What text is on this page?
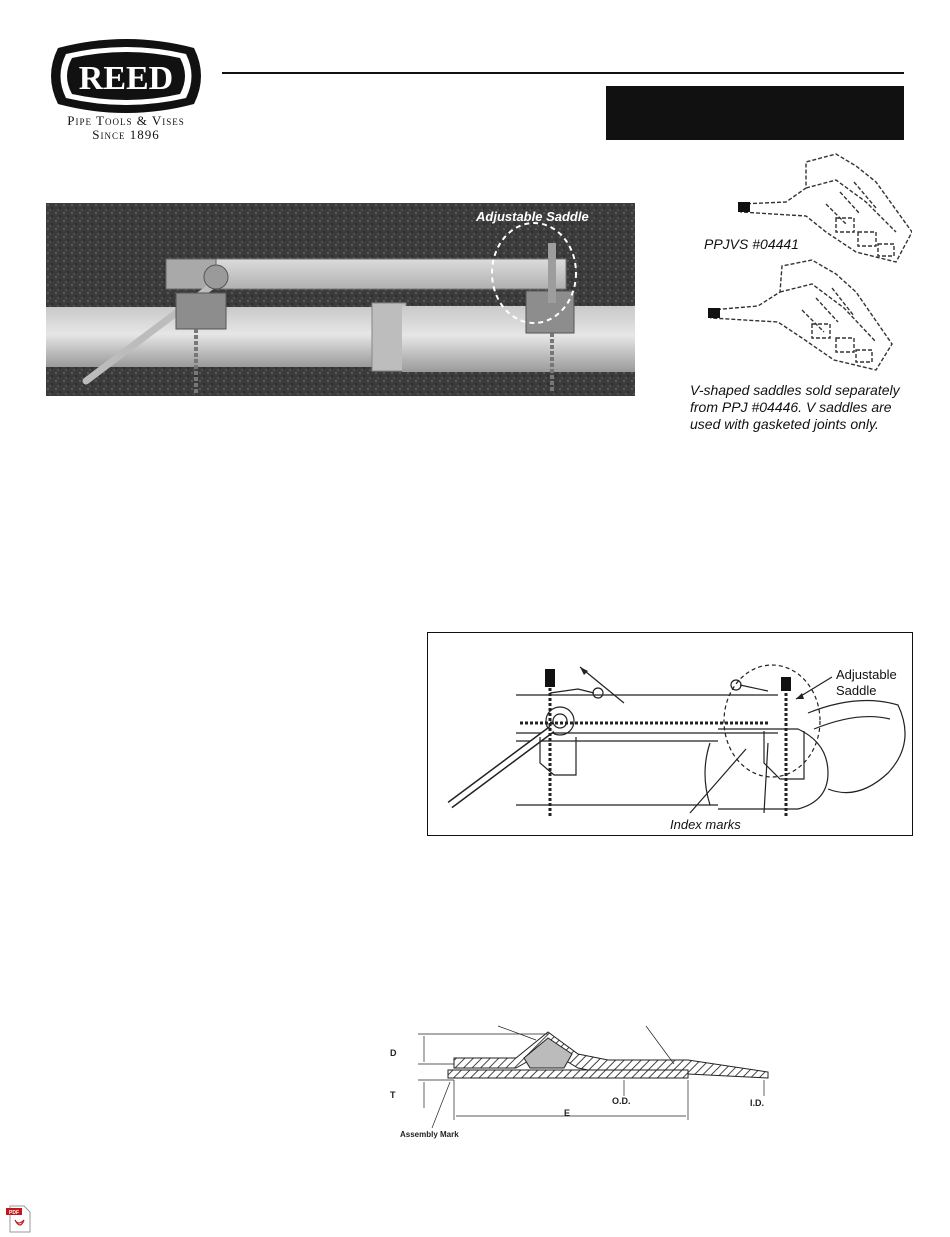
REED
Pipe Tools & Vises
Since 1896
Adjustable Saddle
PPJVS #04441
V-shaped saddles sold separately
from PPJ #04446. V saddles are
used with gasketed joints only.
Adjustable
Saddle
Index marks
D
T
E
O.D.	I.D.
Assembly Mark
PDF
